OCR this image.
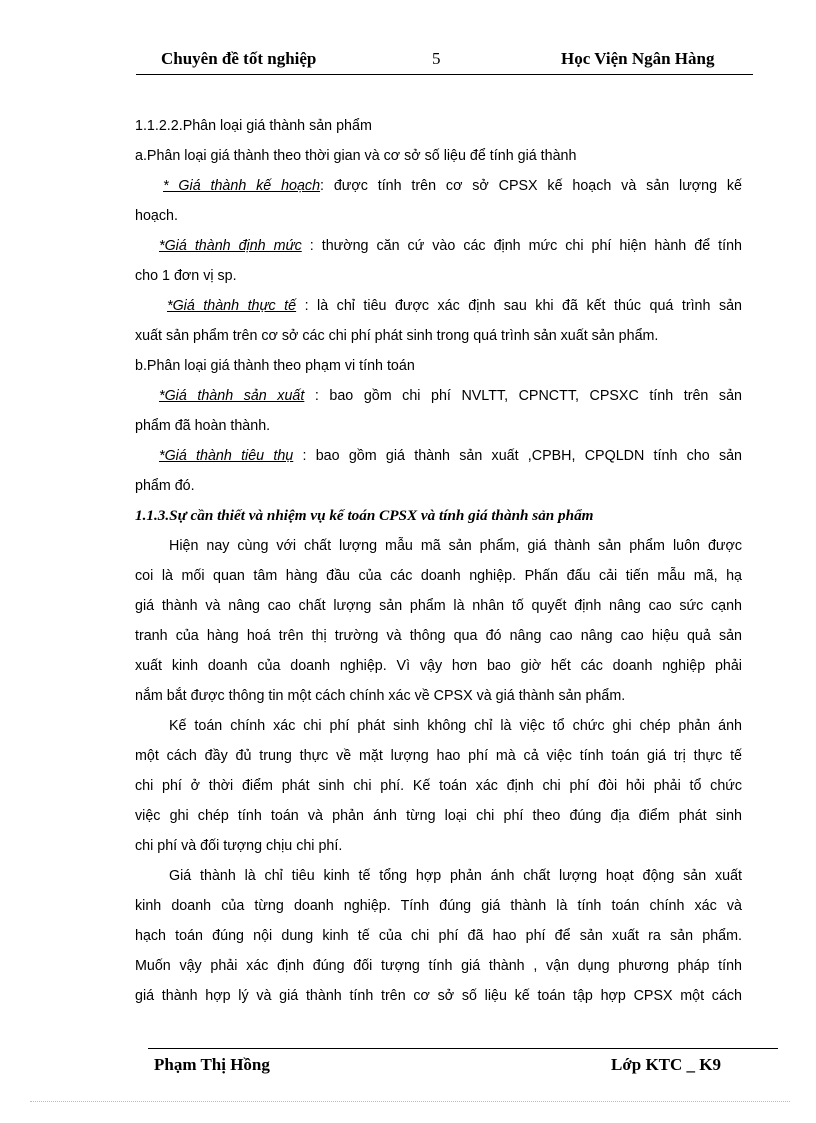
Chuyên đề tốt nghiệp	5	Học Viện Ngân Hàng
1.1.2.2.Phân loại giá thành sản phẩm
a.Phân loại giá thành theo thời gian và cơ sở số liệu để tính giá thành
* Giá thành kế hoạch: được tính trên cơ sở CPSX kế hoạch và sản lượng kế
hoạch.
*Giá thành định mức : thường căn cứ vào các định mức chi phí hiện hành để tính
cho 1 đơn vị sp.
*Giá thành thực tế : là chỉ tiêu được xác định sau khi đã kết thúc quá trình sản
xuất sản phẩm trên cơ sở các chi phí phát sinh trong quá trình sản xuất sản phẩm.
b.Phân loại giá thành theo phạm vi tính toán
*Giá thành sản xuất : bao gồm chi phí NVLTT, CPNCTT, CPSXC tính trên sản
phẩm đã hoàn thành.
*Giá thành tiêu thụ : bao gồm giá thành sản xuất ,CPBH, CPQLDN tính cho sản
phẩm đó.
1.1.3.Sự cần thiết và nhiệm vụ kế toán CPSX và tính giá thành sản phẩm
Hiện nay cùng với chất lượng mẫu mã sản phẩm, giá thành sản phẩm luôn được
coi là mối quan tâm hàng đầu của các doanh nghiệp. Phấn đấu cải tiến mẫu mã, hạ
giá thành và nâng cao chất lượng sản phẩm là nhân tố quyết định nâng cao sức cạnh
tranh của hàng hoá trên thị trường và thông qua đó nâng cao nâng cao hiệu quả sản
xuất kinh doanh của doanh nghiệp. Vì vậy hơn bao giờ hết các doanh nghiệp phải
nắm bắt được thông tin một cách chính xác về CPSX và giá thành sản phẩm.
Kế toán chính xác chi phí phát sinh không chỉ là việc tổ chức ghi chép phản ánh
một cách đầy đủ trung thực về mặt lượng hao phí mà cả việc tính toán giá trị thực tế
chi phí ở thời điểm phát sinh chi phí. Kế toán xác định chi phí đòi hỏi phải tổ chức
việc ghi chép tính toán và phản ánh từng loại chi phí theo đúng địa điểm phát sinh
chi phí và đối tượng chịu chi phí.
Giá thành là chỉ tiêu kinh tế tổng hợp phản ánh chất lượng hoạt động sản xuất
kinh doanh của từng doanh nghiệp. Tính đúng giá thành là tính toán chính xác và
hạch toán đúng nội dung kinh tế của chi phí đã hao phí để sản xuất ra sản phẩm.
Muốn vậy phải xác định đúng đối tượng tính giá thành , vận dụng phương pháp tính
giá thành hợp lý và giá thành tính trên cơ sở số liệu kế toán tập hợp CPSX một cách
Phạm Thị Hồng	Lớp KTC _ K9
